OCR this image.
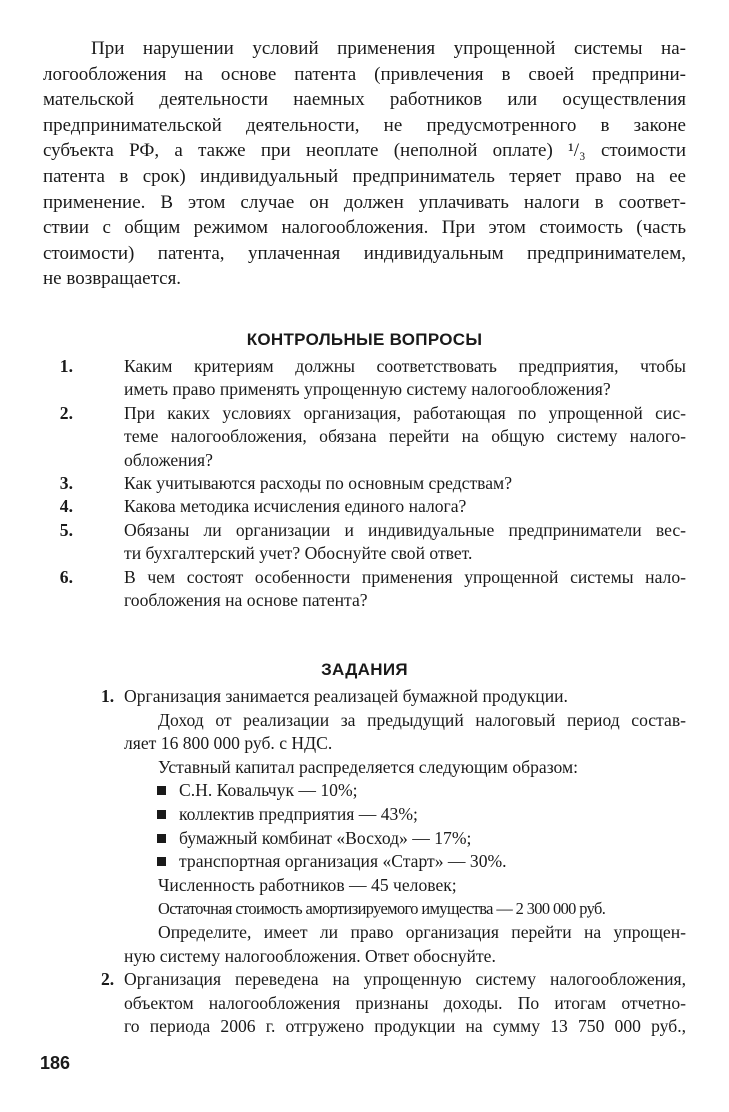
При нарушении условий применения упрощенной системы на-
логообложения на основе патента (привлечения в своей предприни-
мательской деятельности наемных работников или осуществления
предпринимательской деятельности, не предусмотренного в законе
субъекта РФ, а также при неоплате (неполной оплате) ¹/₃ стоимости
патента в срок) индивидуальный предприниматель теряет право на ее
применение. В этом случае он должен уплачивать налоги в соответ-
ствии с общим режимом налогообложения. При этом стоимость (часть
стоимости) патента, уплаченная индивидуальным предпринимателем,
не возвращается.
КОНТРОЛЬНЫЕ ВОПРОСЫ
1.	Каким критериям должны соответствовать предприятия, чтобы
иметь право применять упрощенную систему налогообложения?
2.	При каких условиях организация, работающая по упрощенной сис-
теме налогообложения, обязана перейти на общую систему налого-
обложения?
3.	Как учитываются расходы по основным средствам?
4.	Какова методика исчисления единого налога?
5.	Обязаны ли организации и индивидуальные предприниматели вес-
ти бухгалтерский учет? Обоснуйте свой ответ.
6.	В чем состоят особенности применения упрощенной системы нало-
гообложения на основе патента?
ЗАДАНИЯ
1. Организация занимается реализацей бумажной продукции.
Доход от реализации за предыдущий налоговый период состав-
ляет 16 800 000 руб. с НДС.
Уставный капитал распределяется следующим образом:
С.Н. Ковальчук — 10%;
коллектив предприятия — 43%;
бумажный комбинат «Восход» — 17%;
транспортная организация «Старт» — 30%.
Численность работников — 45 человек;
Остаточная стоимость амортизируемого имущества — 2 300 000 руб.
Определите, имеет ли право организация перейти на упрощен-
ную систему налогообложения. Ответ обоснуйте.
2. Организация переведена на упрощенную систему налогообложения,
объектом налогообложения признаны доходы. По итогам отчетно-
го периода 2006 г. отгружено продукции на сумму 13 750 000 руб.,
186
